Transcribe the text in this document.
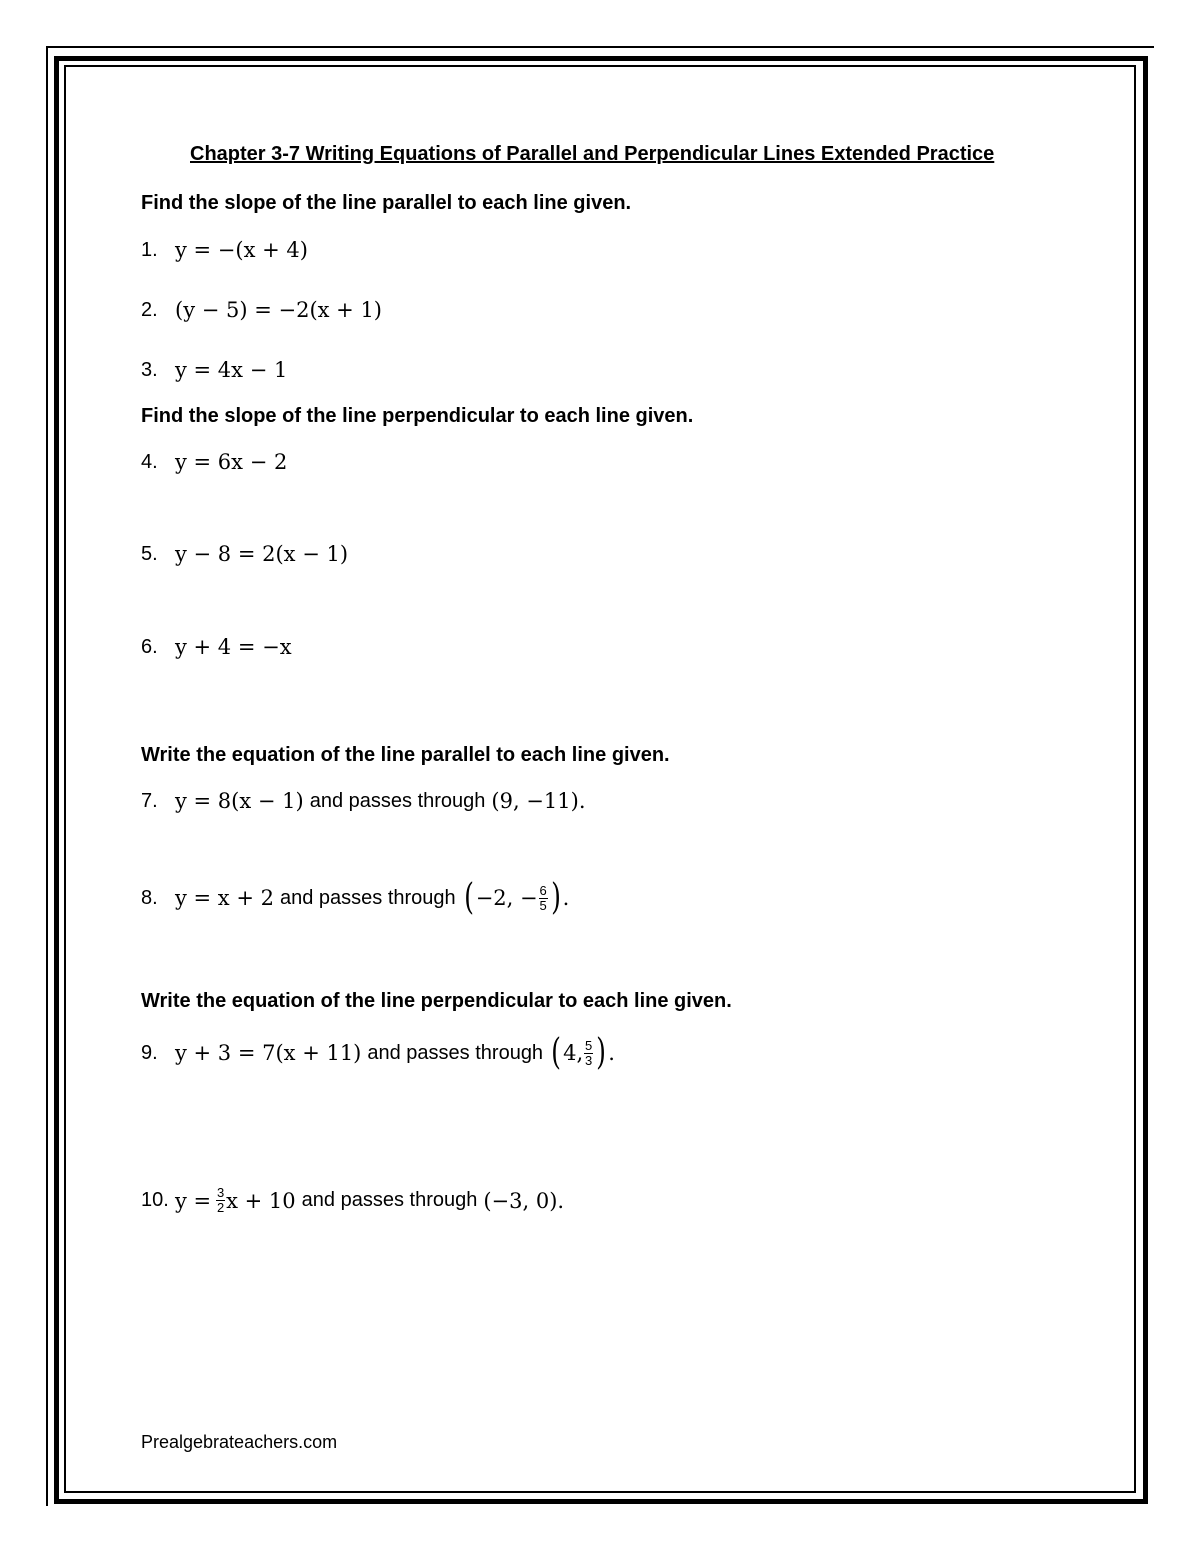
Chapter 3-7 Writing Equations of Parallel and Perpendicular Lines Extended Practice
Find the slope of the line parallel to each line given.
1. y = −(x + 4)
2. (y − 5) = −2(x + 1)
3. y = 4x − 1
Find the slope of the line perpendicular to each line given.
4. y = 6x − 2
5. y − 8 = 2(x − 1)
6. y + 4 = −x
Write the equation of the line parallel to each line given.
7. y = 8(x − 1) and passes through (9, −11).
8. y = x + 2 and passes through ( −2, − $\frac{6}{5}$ ) .
Write the equation of the line perpendicular to each line given.
9. y + 3 = 7(x + 11) and passes through ( 4, $\frac{5}{3}$ ) .
10. $y = \frac{3}{2}$ x + 10 and passes through (−3, 0).
Prealgebrateachers.com
